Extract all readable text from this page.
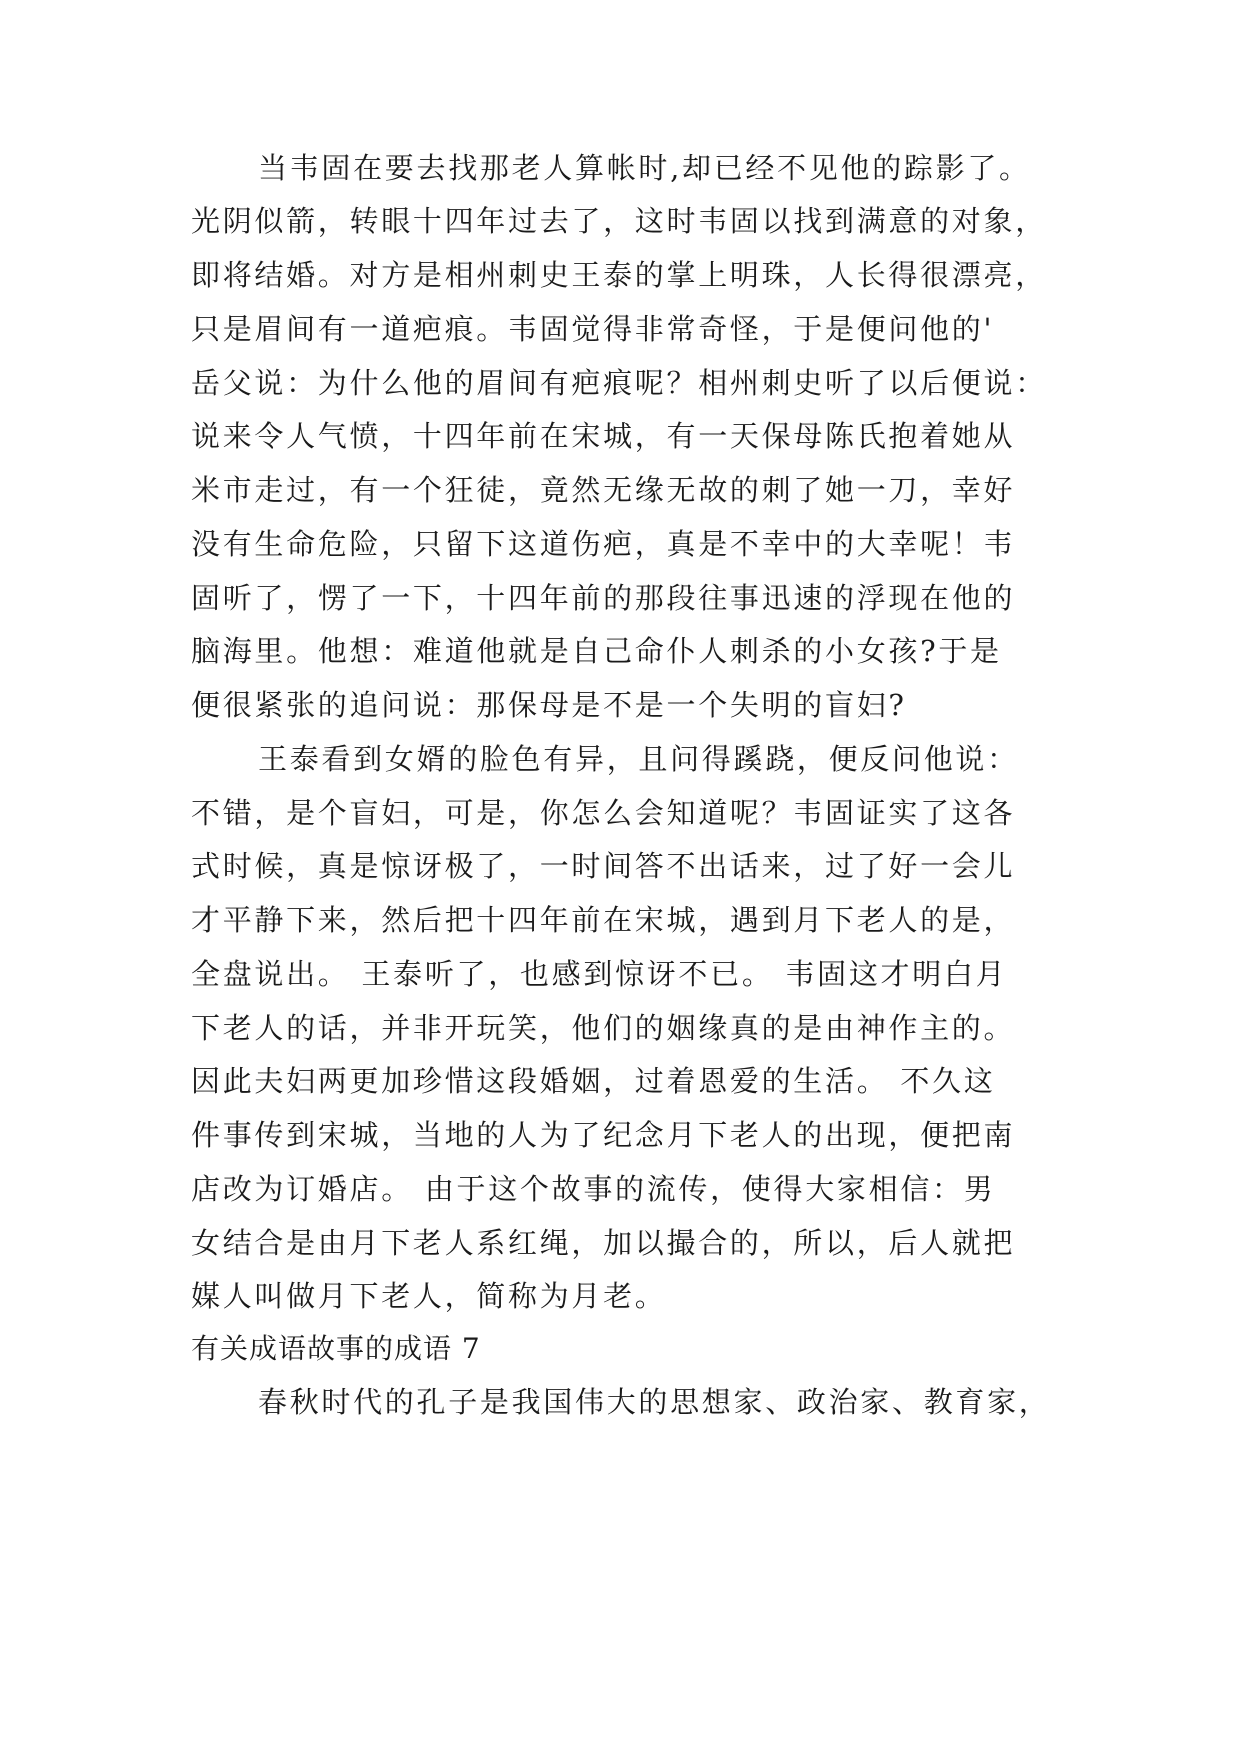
当韦固在要去找那老人算帐时,却已经不见他的踪影了。
光阴似箭，转眼十四年过去了，这时韦固以找到满意的对象，
即将结婚。对方是相州刺史王泰的掌上明珠，人长得很漂亮，
只是眉间有一道疤痕。韦固觉得非常奇怪，于是便问他的'
岳父说：为什么他的眉间有疤痕呢？相州刺史听了以后便说：
说来令人气愤，十四年前在宋城，有一天保母陈氏抱着她从
米市走过，有一个狂徒，竟然无缘无故的刺了她一刀，幸好
没有生命危险，只留下这道伤疤，真是不幸中的大幸呢！韦
固听了，愣了一下，十四年前的那段往事迅速的浮现在他的
脑海里。他想：难道他就是自己命仆人刺杀的小女孩?于是
便很紧张的追问说：那保母是不是一个失明的盲妇?
王泰看到女婿的脸色有异，且问得蹊跷，便反问他说：
不错，是个盲妇，可是，你怎么会知道呢？韦固证实了这各
式时候，真是惊讶极了，一时间答不出话来，过了好一会儿
才平静下来，然后把十四年前在宋城，遇到月下老人的是，
全盘说出。 王泰听了，也感到惊讶不已。 韦固这才明白月
下老人的话，并非开玩笑，他们的姻缘真的是由神作主的。
因此夫妇两更加珍惜这段婚姻，过着恩爱的生活。 不久这
件事传到宋城，当地的人为了纪念月下老人的出现，便把南
店改为订婚店。 由于这个故事的流传，使得大家相信：男
女结合是由月下老人系红绳，加以撮合的，所以，后人就把
媒人叫做月下老人，简称为月老。
有关成语故事的成语 7
春秋时代的孔子是我国伟大的思想家、政治家、教育家，
